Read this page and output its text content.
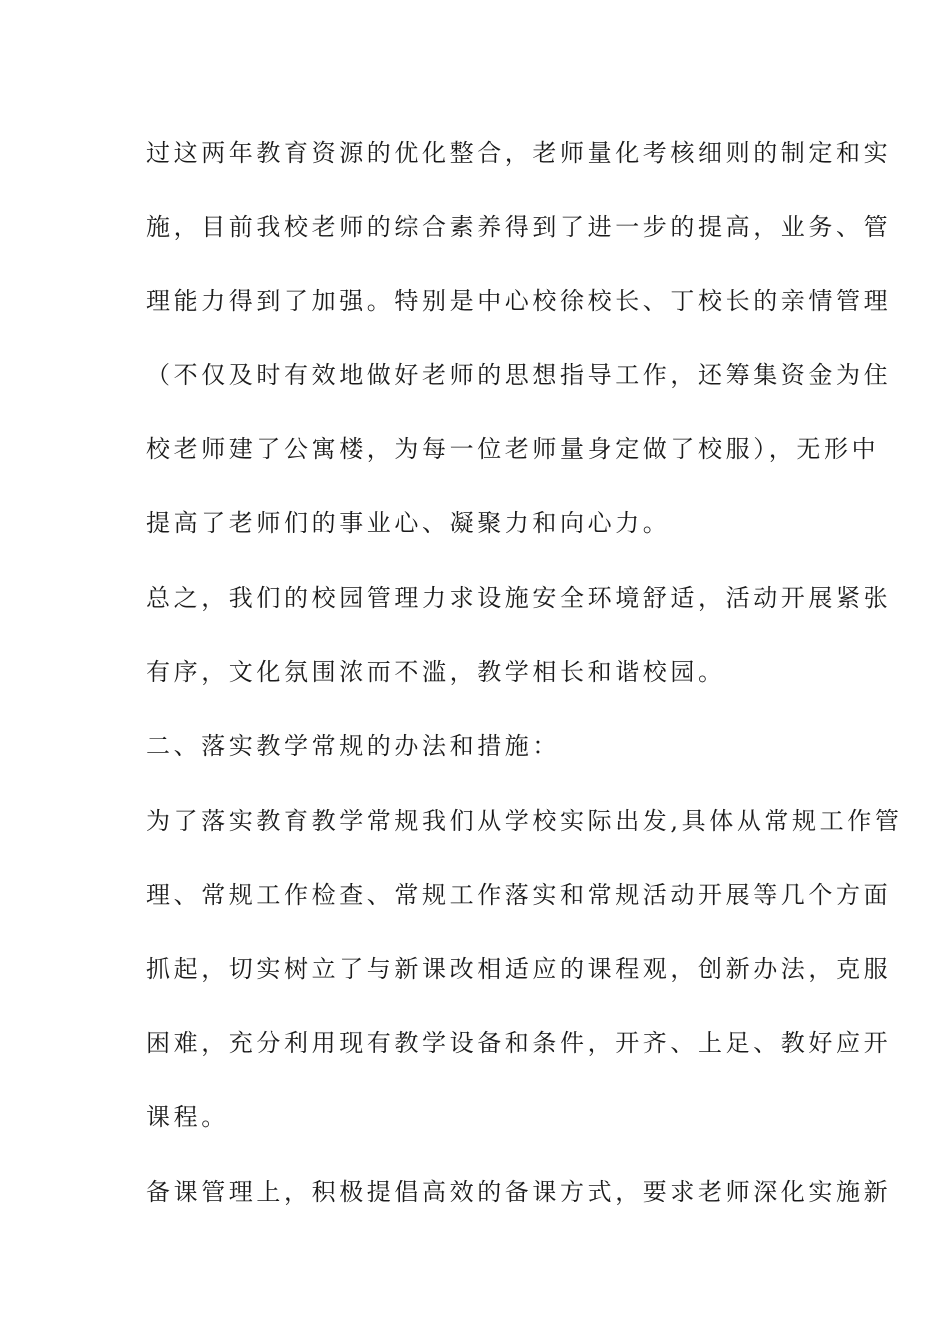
过这两年教育资源的优化整合，老师量化考核细则的制定和实
施，目前我校老师的综合素养得到了进一步的提高，业务、管
理能力得到了加强。特别是中心校徐校长、丁校长的亲情管理
（不仅及时有效地做好老师的思想指导工作，还筹集资金为住
校老师建了公寓楼，为每一位老师量身定做了校服），无形中
提高了老师们的事业心、凝聚力和向心力。
总之，我们的校园管理力求设施安全环境舒适，活动开展紧张
有序，文化氛围浓而不滥，教学相长和谐校园。
二、落实教学常规的办法和措施：
为了落实教育教学常规我们从学校实际出发,具体从常规工作管
理、常规工作检查、常规工作落实和常规活动开展等几个方面
抓起，切实树立了与新课改相适应的课程观，创新办法，克服
困难，充分利用现有教学设备和条件，开齐、上足、教好应开
课程。
备课管理上，积极提倡高效的备课方式，要求老师深化实施新
